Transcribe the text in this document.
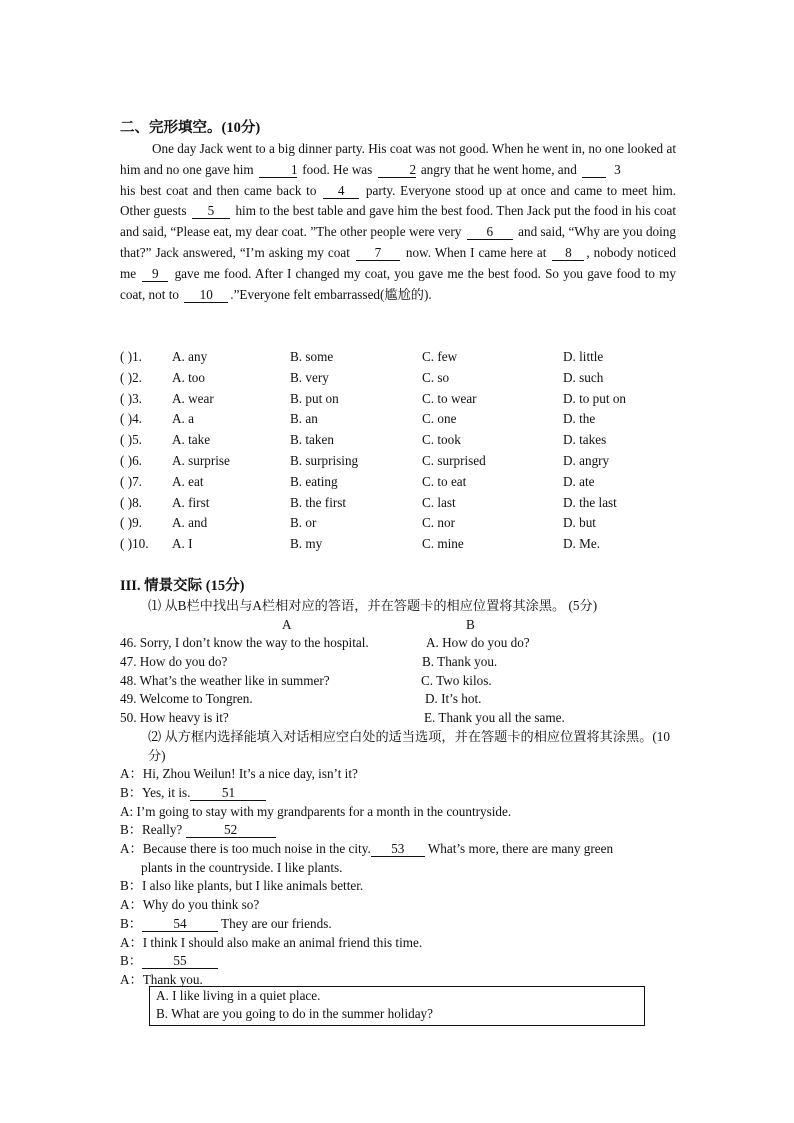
二、完形填空。(10分)

One day Jack went to a big dinner party. His coat was not good. When he went in, no one looked at him and no one gave him	1 food. He was	2 angry that he went home, and	3

his best coat and then came back to 4 party. Everyone stood up at once and came to meet him. Other guests 5 him to the best table and gave him the best food. Then Jack put the food in his coat and said, “Please eat, my dear coat. ”The other people were very 6 and said, “Why are you doing that?” Jack answered, “I’m asking my coat 7 now. When I came here at 8 , nobody noticed me 9 gave me food. After I changed my coat, you gave me the best food. So you gave food to my coat, not to 10 .”Everyone felt embarrassed(尴尬的).

( )1. A. any	B. some	C. few	D. little
( )2. A. too	B. very	C. so	D. such
( )3. A. wear	B. put on	C. to wear	D. to put on
( )4. A. a	B. an	C. one	D. the
( )5. A. take	B. taken	C. took	D. takes
( )6. A. surprise	B. surprising	C. surprised	D. angry
( )7. A. eat	B. eating	C. to eat	D. ate
( )8. A. first	B. the first	C. last	D. the last
( )9. A. and	B. or	C. nor	D. but
( )10. A. I	B. my	C. mine	D. Me.
III. 情景交际 (15分)
⑴ 从B栏中找出与A栏相对应的答语，并在答题卡的相应位置将其涂黑。 (5分)
A	B
46. Sorry, I don’t know the way to the hospital.	A. How do you do?
47. How do you do?	B. Thank you.
48. What’s the weather like in summer?	C. Two kilos.
49. Welcome to Tongren.	D. It’s hot.
50. How heavy is it?	E. Thank you all the same.
⑵ 从方框内选择能填入对话相应空白处的适当选项，并在答题卡的相应位置将其涂黑。(10分)
A：Hi, Zhou Weilun! It’s a nice day, isn’t it?
B：Yes, it is. 51
A: I’m going to stay with my grandparents for a month in the countryside.
B：Really?	52
A：Because there is too much noise in the city. 53 What’s more, there are many green
plants in the countryside. I like plants.
B：I also like plants, but I like animals better.
A：Why do you think so?
B： 54	They are our friends.
A：I think I should also make an animal friend this time.
B： 55
A：Thank you.
A. I like living in a quiet place.
B. What are you going to do in the summer holiday?
